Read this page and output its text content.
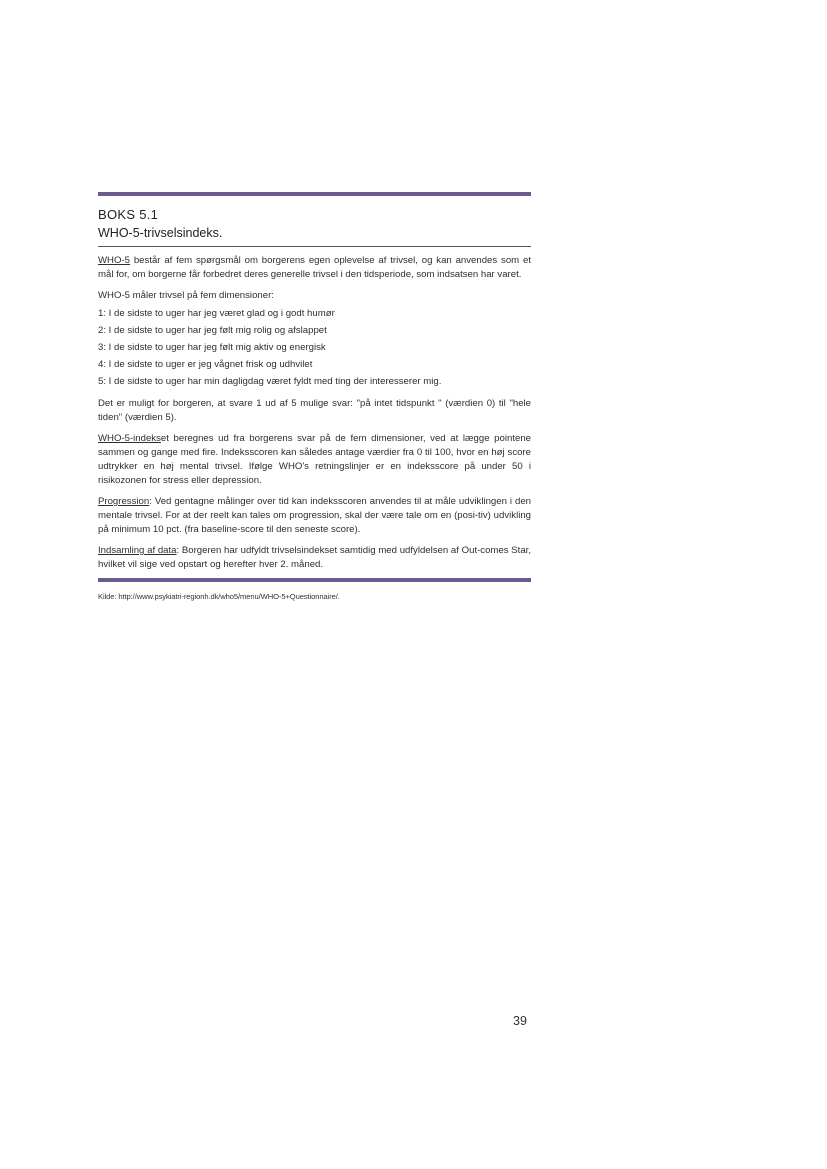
BOKS 5.1
WHO-5-trivselsindeks.

WHO-5 består af fem spørgsmål om borgerens egen oplevelse af trivsel, og kan anvendes som et mål for, om borgerne får forbedret deres generelle trivsel i den tidsperiode, som indsatsen har varet.

WHO-5 måler trivsel på fem dimensioner:

1: I de sidste to uger har jeg været glad og i godt humør

2: I de sidste to uger har jeg følt mig rolig og afslappet

3: I de sidste to uger har jeg følt mig aktiv og energisk

4: I de sidste to uger er jeg vågnet frisk og udhvilet

5: I de sidste to uger har min dagligdag været fyldt med ting der interesserer mig.

Det er muligt for borgeren, at svare 1 ud af 5 mulige svar: "på intet tidspunkt " (værdien 0) til "hele tiden" (værdien 5).

WHO-5-indekset beregnes ud fra borgerens svar på de fem dimensioner, ved at lægge pointene sammen og gange med fire. Indeksscoren kan således antage værdier fra 0 til 100, hvor en høj score udtrykker en høj mental trivsel. Ifølge WHO's retningslinjer er en indeksscore på under 50 i risikozonen for stress eller depression.

Progression: Ved gentagne målinger over tid kan indeksscoren anvendes til at måle udviklingen i den mentale trivsel. For at der reelt kan tales om progression, skal der være tale om en (posi-tiv) udvikling på minimum 10 pct. (fra baseline-score til den seneste score).

Indsamling af data: Borgeren har udfyldt trivselsindekset samtidig med udfyldelsen af Out-comes Star, hvilket vil sige ved opstart og herefter hver 2. måned.

Kilde: http://www.psykiatri-regionh.dk/who5/menu/WHO-5+Questionnaire/.
39
